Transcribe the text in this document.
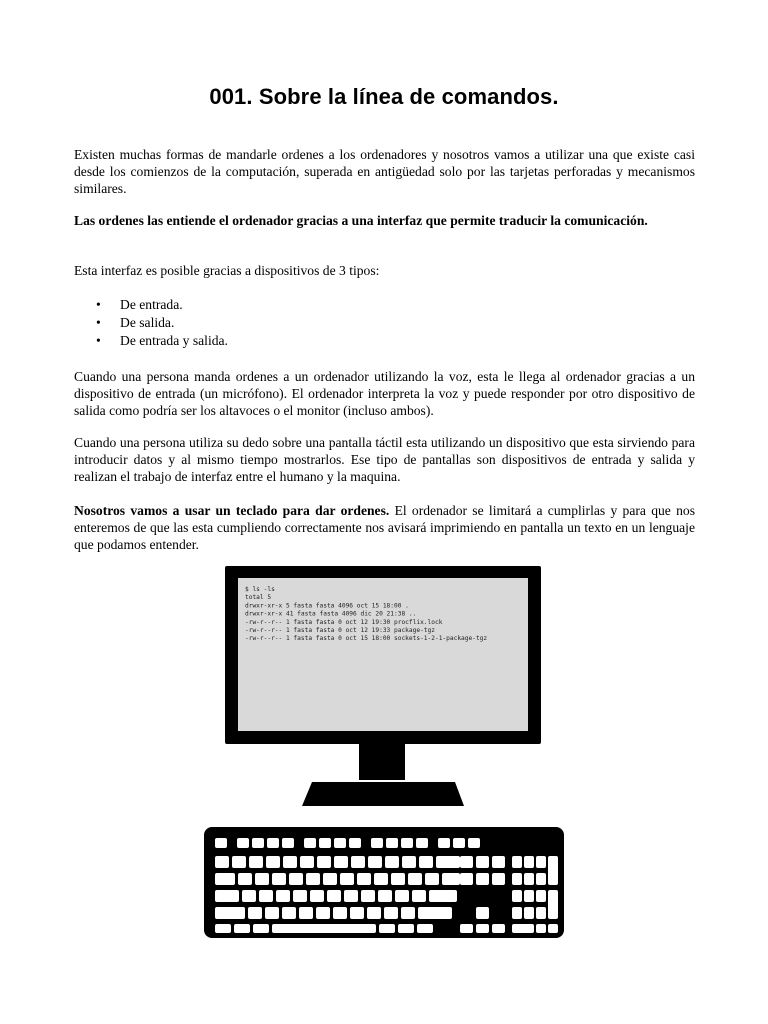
001. Sobre la línea de comandos.

Existen muchas formas de mandarle ordenes a los ordenadores y nosotros vamos a utilizar una que existe casi desde los comienzos de la computación, superada en antigüedad solo por las tarjetas perforadas y mecanismos similares.

Las ordenes las entiende el ordenador gracias a una interfaz que permite traducir la comunicación.

Esta interfaz es posible gracias a dispositivos de 3 tipos:

• De entrada.
• De salida.
• De entrada y salida.

Cuando una persona manda ordenes a un ordenador utilizando la voz, esta le llega al ordenador gracias a un dispositivo de entrada (un micrófono). El ordenador interpreta la voz y puede responder por otro dispositivo de salida como podría ser los altavoces o el monitor (incluso ambos).

Cuando una persona utiliza su dedo sobre una pantalla táctil esta utilizando un dispositivo que esta sirviendo para introducir datos y al mismo tiempo mostrarlos. Ese tipo de pantallas son dispositivos de entrada y salida y realizan el trabajo de interfaz entre el humano y la maquina.

Nosotros vamos a usar un teclado para dar ordenes. El ordenador se limitará a cumplirlas y para que nos enteremos de que las esta cumpliendo correctamente nos avisará imprimiendo en pantalla un texto en un lenguaje que podamos entender.

$ ls -ls
total 5
drwxr-xr-x 5 fasta fasta 4096 oct 15 18:00 .
drwxr-xr-x 41 fasta fasta 4096 dic 20 21:38 ..
-rw-r--r-- 1 fasta fasta 0 oct 12 19:30 procflix.lock
-rw-r--r-- 1 fasta fasta 0 oct 12 19:33 package-tgz
-rw-r--r-- 1 fasta fasta 0 oct 15 18:00 sockets-1-2-1-package-tgz
